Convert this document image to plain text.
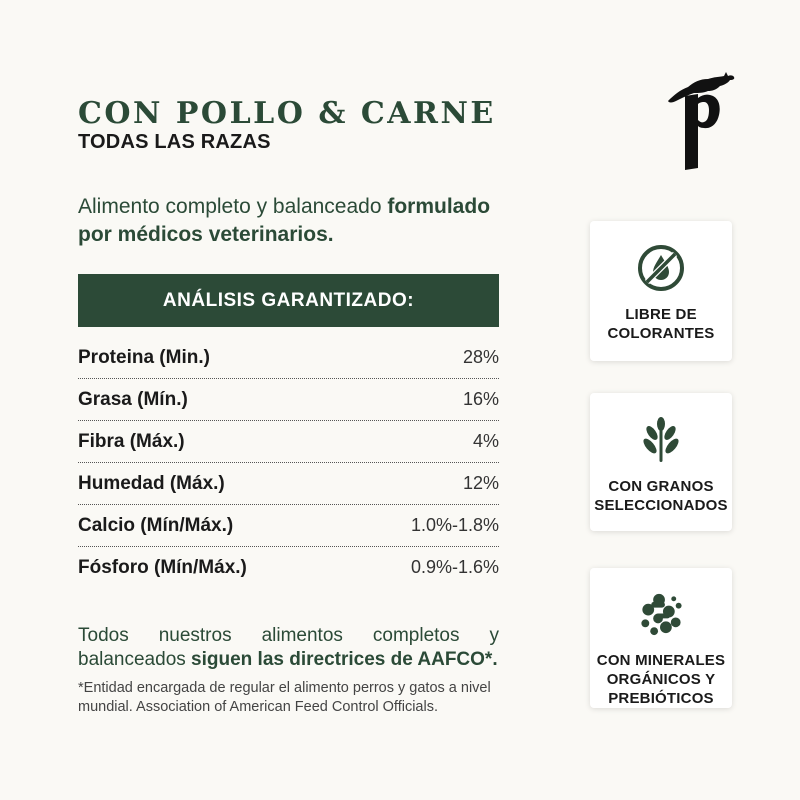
CON POLLO & CARNE
TODAS LAS RAZAS

Alimento completo y balanceado formulado por médicos veterinarios.

ANÁLISIS GARANTIZADO:
Proteina (Min.)	28%
Grasa (Mín.)	16%
Fibra (Máx.)	4%
Humedad (Máx.)	12%
Calcio (Mín/Máx.)	1.0%-1.8%
Fósforo (Mín/Máx.)	0.9%-1.6%

Todos nuestros alimentos completos y balanceados siguen las directrices de AAFCO*.

*Entidad encargada de regular el alimento perros y gatos a nivel mundial. Association of American Feed Control Officials.

LIBRE DE
COLORANTES
CON GRANOS
SELECCIONADOS
CON MINERALES
ORGÁNICOS Y
PREBIÓTICOS
